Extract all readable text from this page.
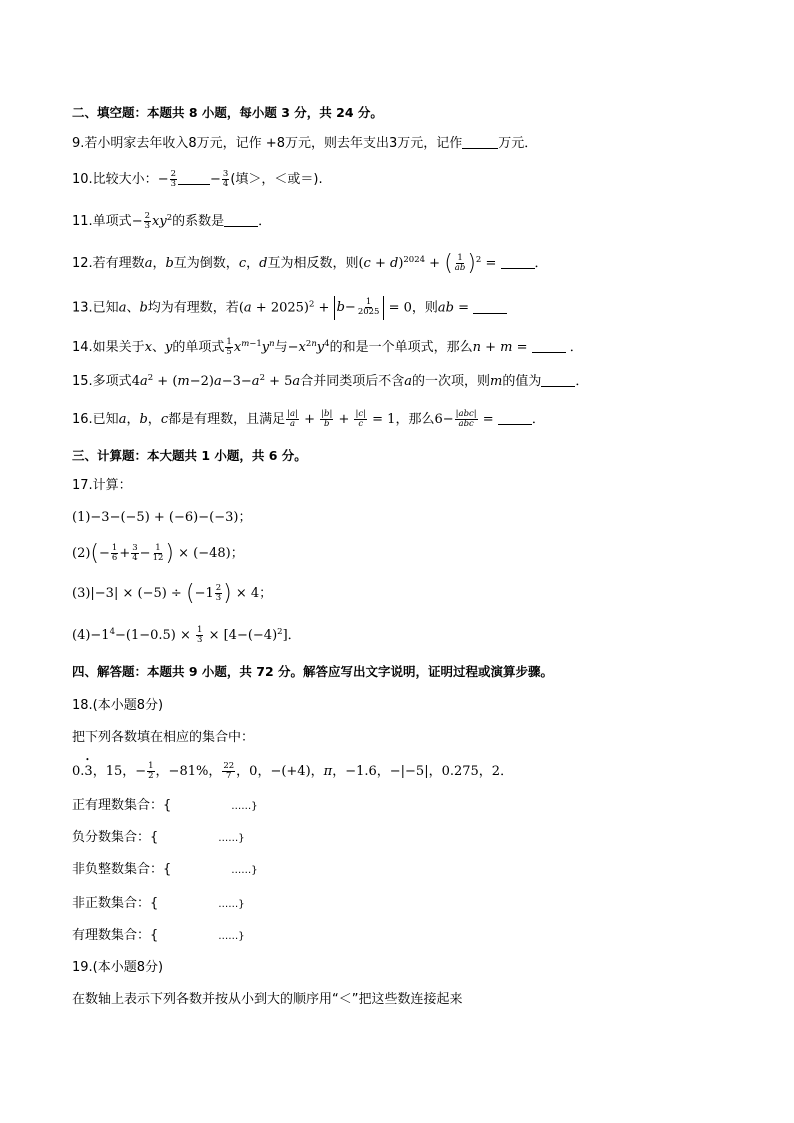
二、填空题：本题共 8 小题，每小题 3 分，共 24 分。
9.若小明家去年收入8万元，记作 +8万元，则去年支出3万元，记作	万元．
10.比较大小：− $\frac{2}{3}$	− $\frac{3}{4}$ (填＞，＜或＝).
11.单项式− $\frac{2}{3} xy^2$的系数是	．
12.若有理数a，b互为倒数，c，d互为相反数，则$(c + d)^{2024}$ + ( $\frac{1}{ab} )^2$ =	．
13.已知a、b均为有理数，若$(a + 2025)^2 + b- \frac{1}{2025} = 0$，则ab =
14.如果关于x、y的单项式 $\frac{1}{5} x^{m-1}y^n$与$-x^{2n}y^4$的和是一个单项式，那么n + m =	．
15.多项式$4a^2 + (m-2)a-3-a^2 + 5a$合并同类项后不含a的一次项，则m的值为	．
16.已知a，b，c都是有理数，且满足 $\frac{|a|}{a} + \frac{|b|}{b} + \frac{|c|}{c} = 1$，那么$6- \frac{\text{|abc|}}{\text{abc}}$ =	．
三、计算题：本大题共 1 小题，共 6 分。
17.计算：
(1)−3−(−5) + (−6)−(−3)；
$(2)(- \frac{1}{6} + \frac{3}{4} - \frac{1}{12}$ ) × (−48)；
$(3)|-3| \times (-5) \div (-1 \frac{2}{3}$ ) × 4；
$(4)-1^4-(1-0.5) \times \frac{1}{3} \times [4-(-4)^2]$．
四、解答题：本题共 9 小题，共 72 分。解答应写出文字说明，证明过程或演算步骤。
18.(本小题8分)
把下列各数填在相应的集合中：
0.• 3，15，− $\frac{1}{2}$ ，−81%， $\frac{22}{7}$ ，0，−(+4)，π，−1.6，−|−5|，0.275，2．
正有理数集合：{	……}
负分数集合：{	……}
非负整数集合：{	……}
非正数集合：{	……}
有理数集合：{	……}
19.(本小题8分)
在数轴上表示下列各数并按从小到大的顺序用“＜”把这些数连接起来
